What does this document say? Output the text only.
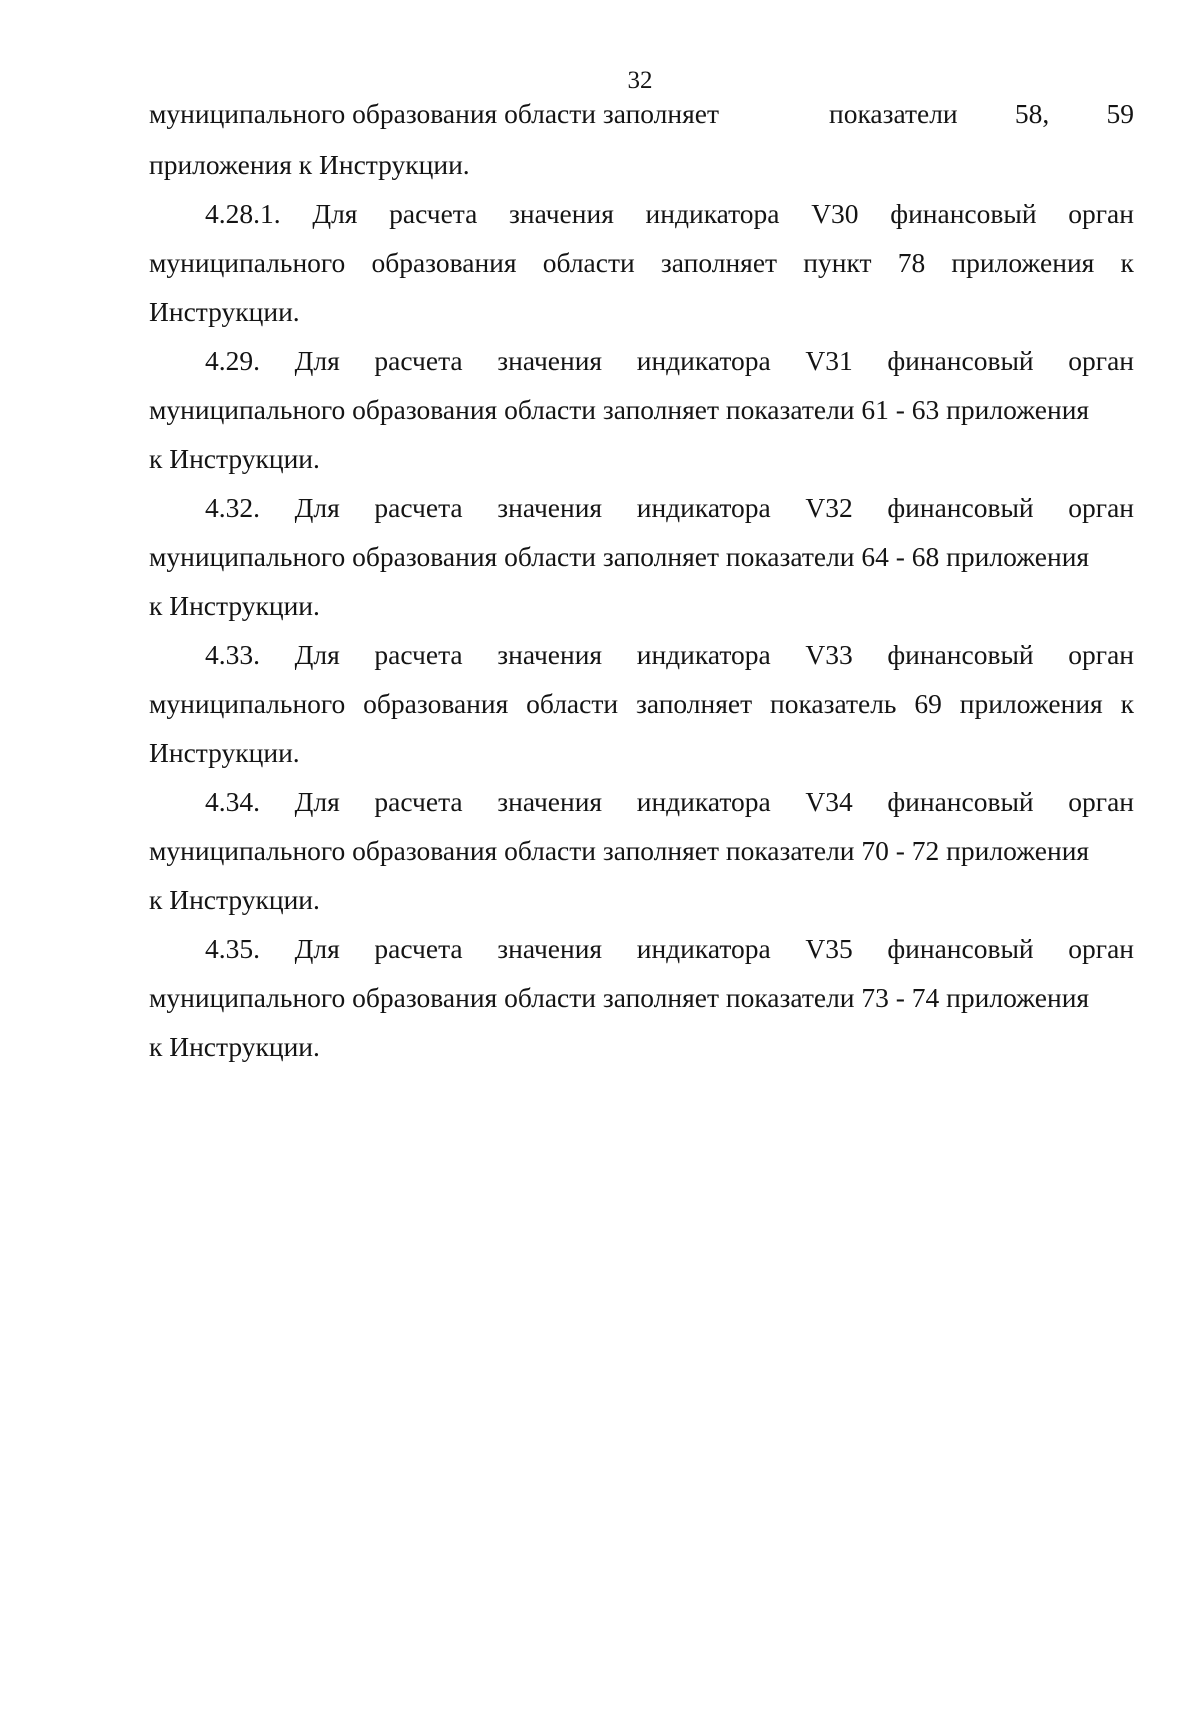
32
муниципального образования области заполняет	показатели 58, 59
приложения к Инструкции.
4.28.1. Для расчета значения индикатора V30 финансовый орган
муниципального образования области заполняет пункт 78 приложения к
Инструкции.
4.29. Для расчета значения индикатора V31 финансовый орган
муниципального образования области заполняет показатели 61 - 63 приложения
к Инструкции.
4.32. Для расчета значения индикатора V32 финансовый орган
муниципального образования области заполняет показатели 64 - 68 приложения
к Инструкции.
4.33. Для расчета значения индикатора V33 финансовый орган
муниципального образования области заполняет показатель 69 приложения к
Инструкции.
4.34. Для расчета значения индикатора V34 финансовый орган
муниципального образования области заполняет показатели 70 - 72 приложения
к Инструкции.
4.35. Для расчета значения индикатора V35 финансовый орган
муниципального образования области заполняет показатели 73 - 74 приложения
к Инструкции.
